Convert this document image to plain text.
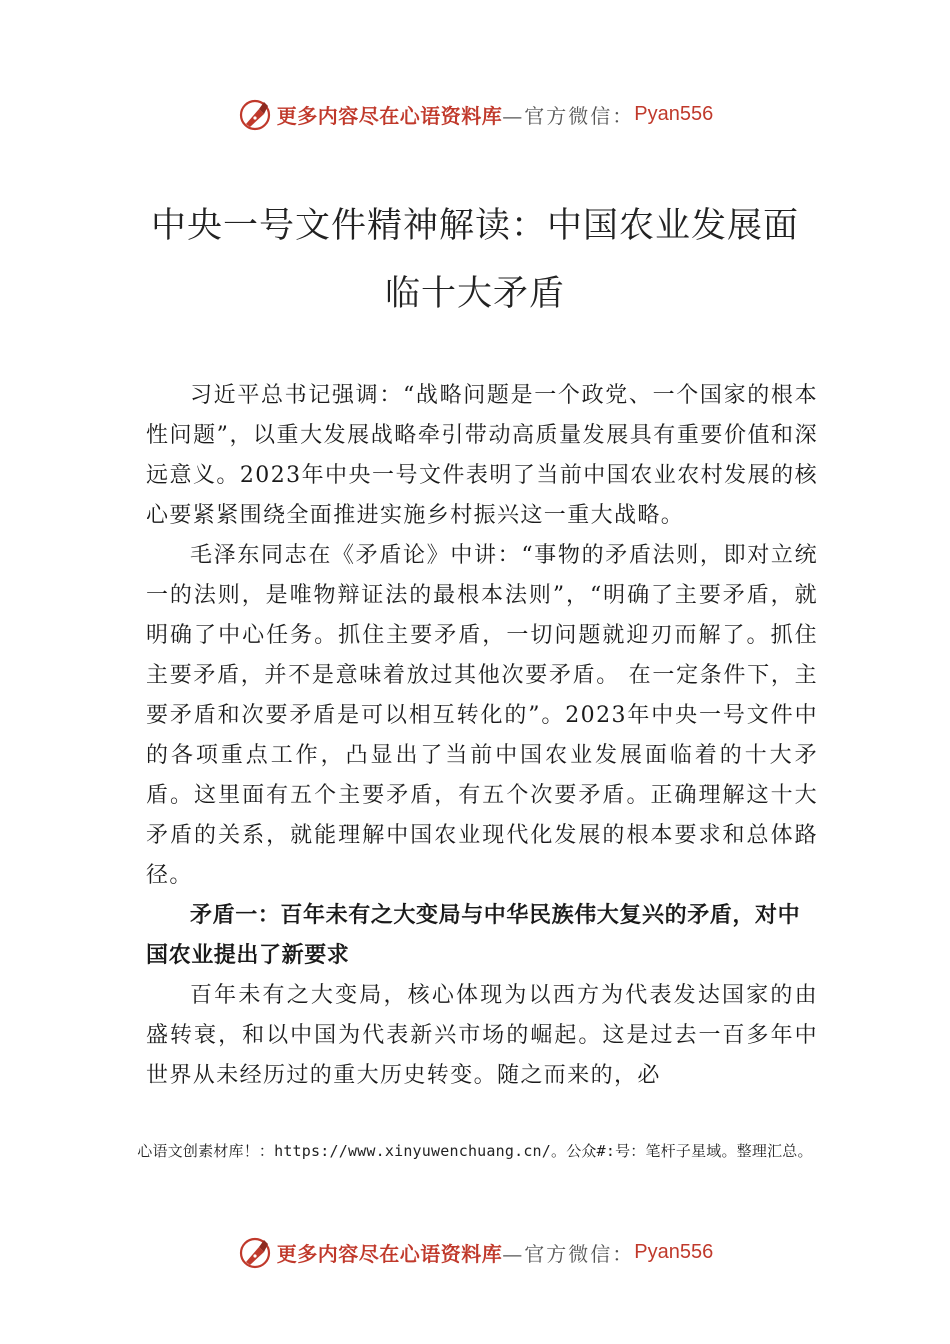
更多内容尽在心语资料库 —官方微信： Pyan556
中央一号文件精神解读：中国农业发展面
临十大矛盾

习近平总书记强调：“战略问题是一个政党、一个国家的根本性问题”，以重大发展战略牵引带动高质量发展具有重要价值和深远意义。2023年中央一号文件表明了当前中国农业农村发展的核心要紧紧围绕全面推进实施乡村振兴这一重大战略。

毛泽东同志在《矛盾论》中讲：“事物的矛盾法则，即对立统一的法则，是唯物辩证法的最根本法则”，“明确了主要矛盾，就明确了中心任务。抓住主要矛盾，一切问题就迎刃而解了。抓住主要矛盾，并不是意味着放过其他次要矛盾。 在一定条件下，主要矛盾和次要矛盾是可以相互转化的”。2023年中央一号文件中的各项重点工作，凸显出了当前中国农业发展面临着的十大矛盾。这里面有五个主要矛盾，有五个次要矛盾。正确理解这十大矛盾的关系，就能理解中国农业现代化发展的根本要求和总体路径。

矛盾一：百年未有之大变局与中华民族伟大复兴的矛盾，对中国农业提出了新要求

百年未有之大变局，核心体现为以西方为代表发达国家的由盛转衰，和以中国为代表新兴市场的崛起。这是过去一百多年中世界从未经历过的重大历史转变。随之而来的，必

心语文创素材库！：https://www.xinyuwenchuang.cn/。公众#:号：笔杆子星域。整理汇总。
更多内容尽在心语资料库 —官方微信： Pyan556
